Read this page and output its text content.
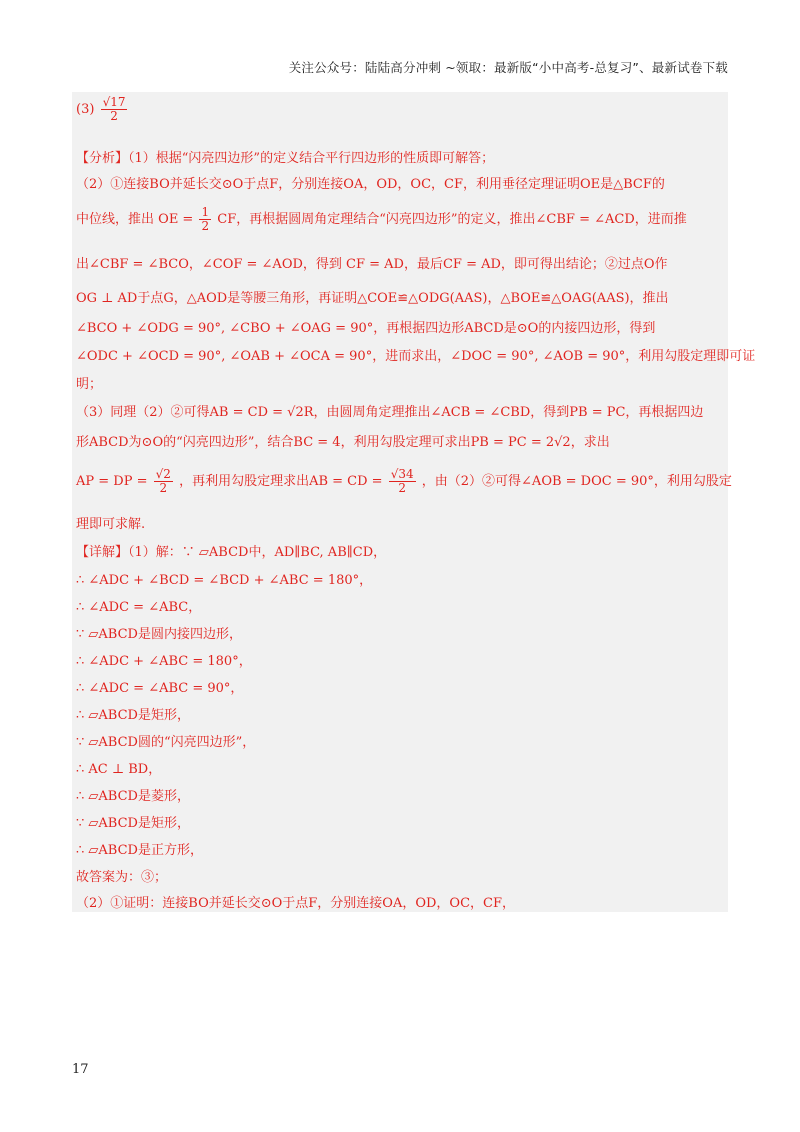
关注公众号：陆陆高分冲刺 ~领取：最新版“小中高考-总复习”、最新试卷下载
$(3) \frac{√17}{2}$
【分析】（1）根据“闪亮四边形”的定义结合平行四边形的性质即可解答；
（2）①连接BO并延长交⊙O于点F，分别连接OA，OD，OC，CF，利用垂径定理证明OE是△BCF的
中位线，推出 OE = $\frac{1}{2}$ CF，再根据圆周角定理结合“闪亮四边形”的定义，推出∠CBF = ∠ACD，进而推
出∠CBF = ∠BCO，∠COF = ∠AOD，得到 CF = AD，最后CF = AD，即可得出结论；②过点O作
OG ⊥ AD于点G，△AOD是等腰三角形，再证明△COE≌△ODG(AAS)，△BOE≌△OAG(AAS)，推出
∠BCO + ∠ODG = 90°, ∠CBO + ∠OAG = 90°，再根据四边形ABCD是⊙O的内接四边形，得到
∠ODC + ∠OCD = 90°, ∠OAB + ∠OCA = 90°，进而求出，∠DOC = 90°, ∠AOB = 90°，利用勾股定理即可证
明；
（3）同理（2）②可得AB = CD = √2R，由圆周角定理推出∠ACB = ∠CBD，得到PB = PC，再根据四边
形ABCD为⊙O的“闪亮四边形”，结合BC = 4，利用勾股定理可求出PB = PC = 2√2，求出
AP = DP = $\frac{√2}{2}$ ，再利用勾股定理求出AB = CD = $\frac{√34}{2}$ ，由（2）②可得∠AOB = DOC = 90°，利用勾股定
理即可求解.
【详解】（1）解：∵ ▱ABCD中，AD∥BC, AB∥CD，
∴ ∠ADC + ∠BCD = ∠BCD + ∠ABC = 180°，
∴ ∠ADC = ∠ABC，
∵ ▱ABCD是圆内接四边形，
∴ ∠ADC + ∠ABC = 180°，
∴ ∠ADC = ∠ABC = 90°，
∴ ▱ABCD是矩形，
∵ ▱ABCD圆的“闪亮四边形”，
∴ AC ⊥ BD，
∴ ▱ABCD是菱形，
∵ ▱ABCD是矩形，
∴ ▱ABCD是正方形，
故答案为：③；
（2）①证明：连接BO并延长交⊙O于点F，分别连接OA，OD，OC，CF，
17
